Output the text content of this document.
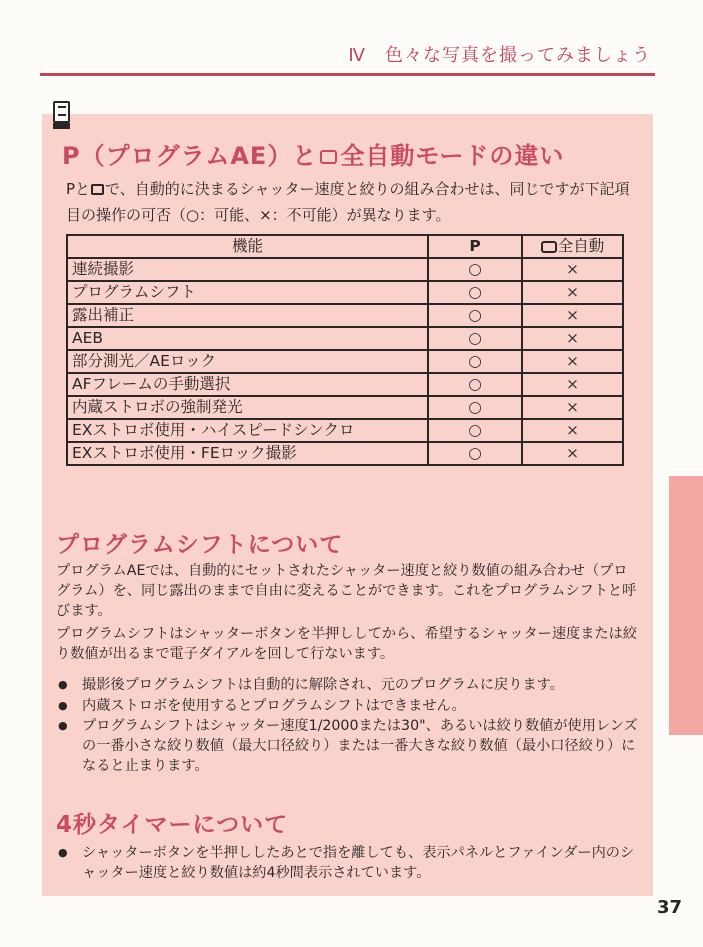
Ⅳ　色々な写真を撮ってみましょう
P（プログラムAE）と 全自動モードの違い

Pと で、自動的に決まるシャッター速度と絞りの組み合わせは、同じですが下記項目の操作の可否（○：可能、×：不可能）が異なります。

機能	P	全自動
連続撮影	○	×
プログラムシフト	○	×
露出補正	○	×
AEB	○	×
部分測光／AEロック	○	×
AFフレームの手動選択	○	×
内蔵ストロボの強制発光	○	×
EXストロボ使用・ハイスピードシンクロ	○	×
EXストロボ使用・FEロック撮影	○	×
プログラムシフトについて

プログラムAEでは、自動的にセットされたシャッター速度と絞り数値の組み合わせ（プログラム）を、同じ露出のままで自由に変えることができます。これをプログラムシフトと呼びます。

プログラムシフトはシャッターボタンを半押ししてから、希望するシャッター速度または絞り数値が出るまで電子ダイアルを回して行ないます。

● 撮影後プログラムシフトは自動的に解除され、元のプログラムに戻ります。
● 内蔵ストロボを使用するとプログラムシフトはできません。
● プログラムシフトはシャッター速度1/2000または30"、あるいは絞り数値が使用レンズの一番小さな絞り数値（最大口径絞り）または一番大きな絞り数値（最小口径絞り）になると止まります。
4秒タイマーについて
● シャッターボタンを半押ししたあとで指を離しても、表示パネルとファインダー内のシャッター速度と絞り数値は約4秒間表示されています。
37
